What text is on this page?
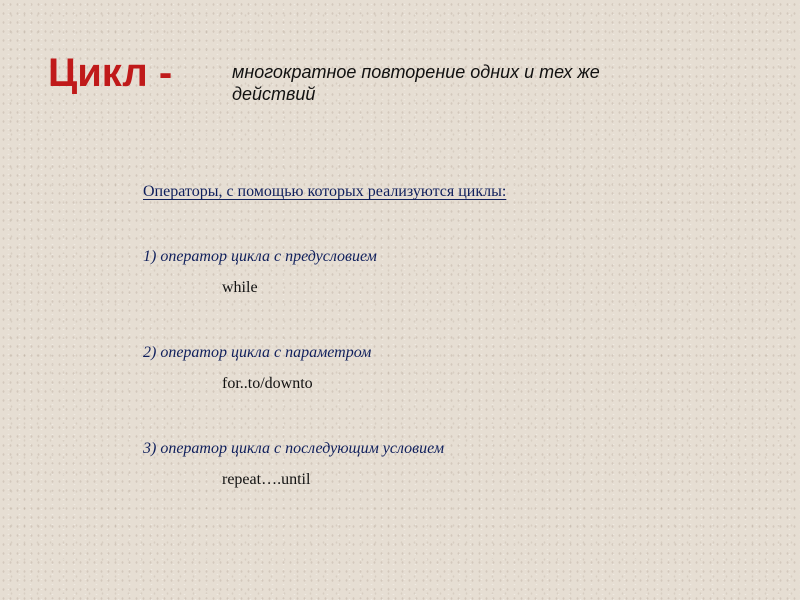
Цикл -	многократное повторение одних и тех же действий

Операторы, с помощью которых реализуются циклы:

1) оператор цикла с предусловием
while
2) оператор цикла с параметром
for..to/downto
3) оператор цикла с последующим условием
repeat….until
